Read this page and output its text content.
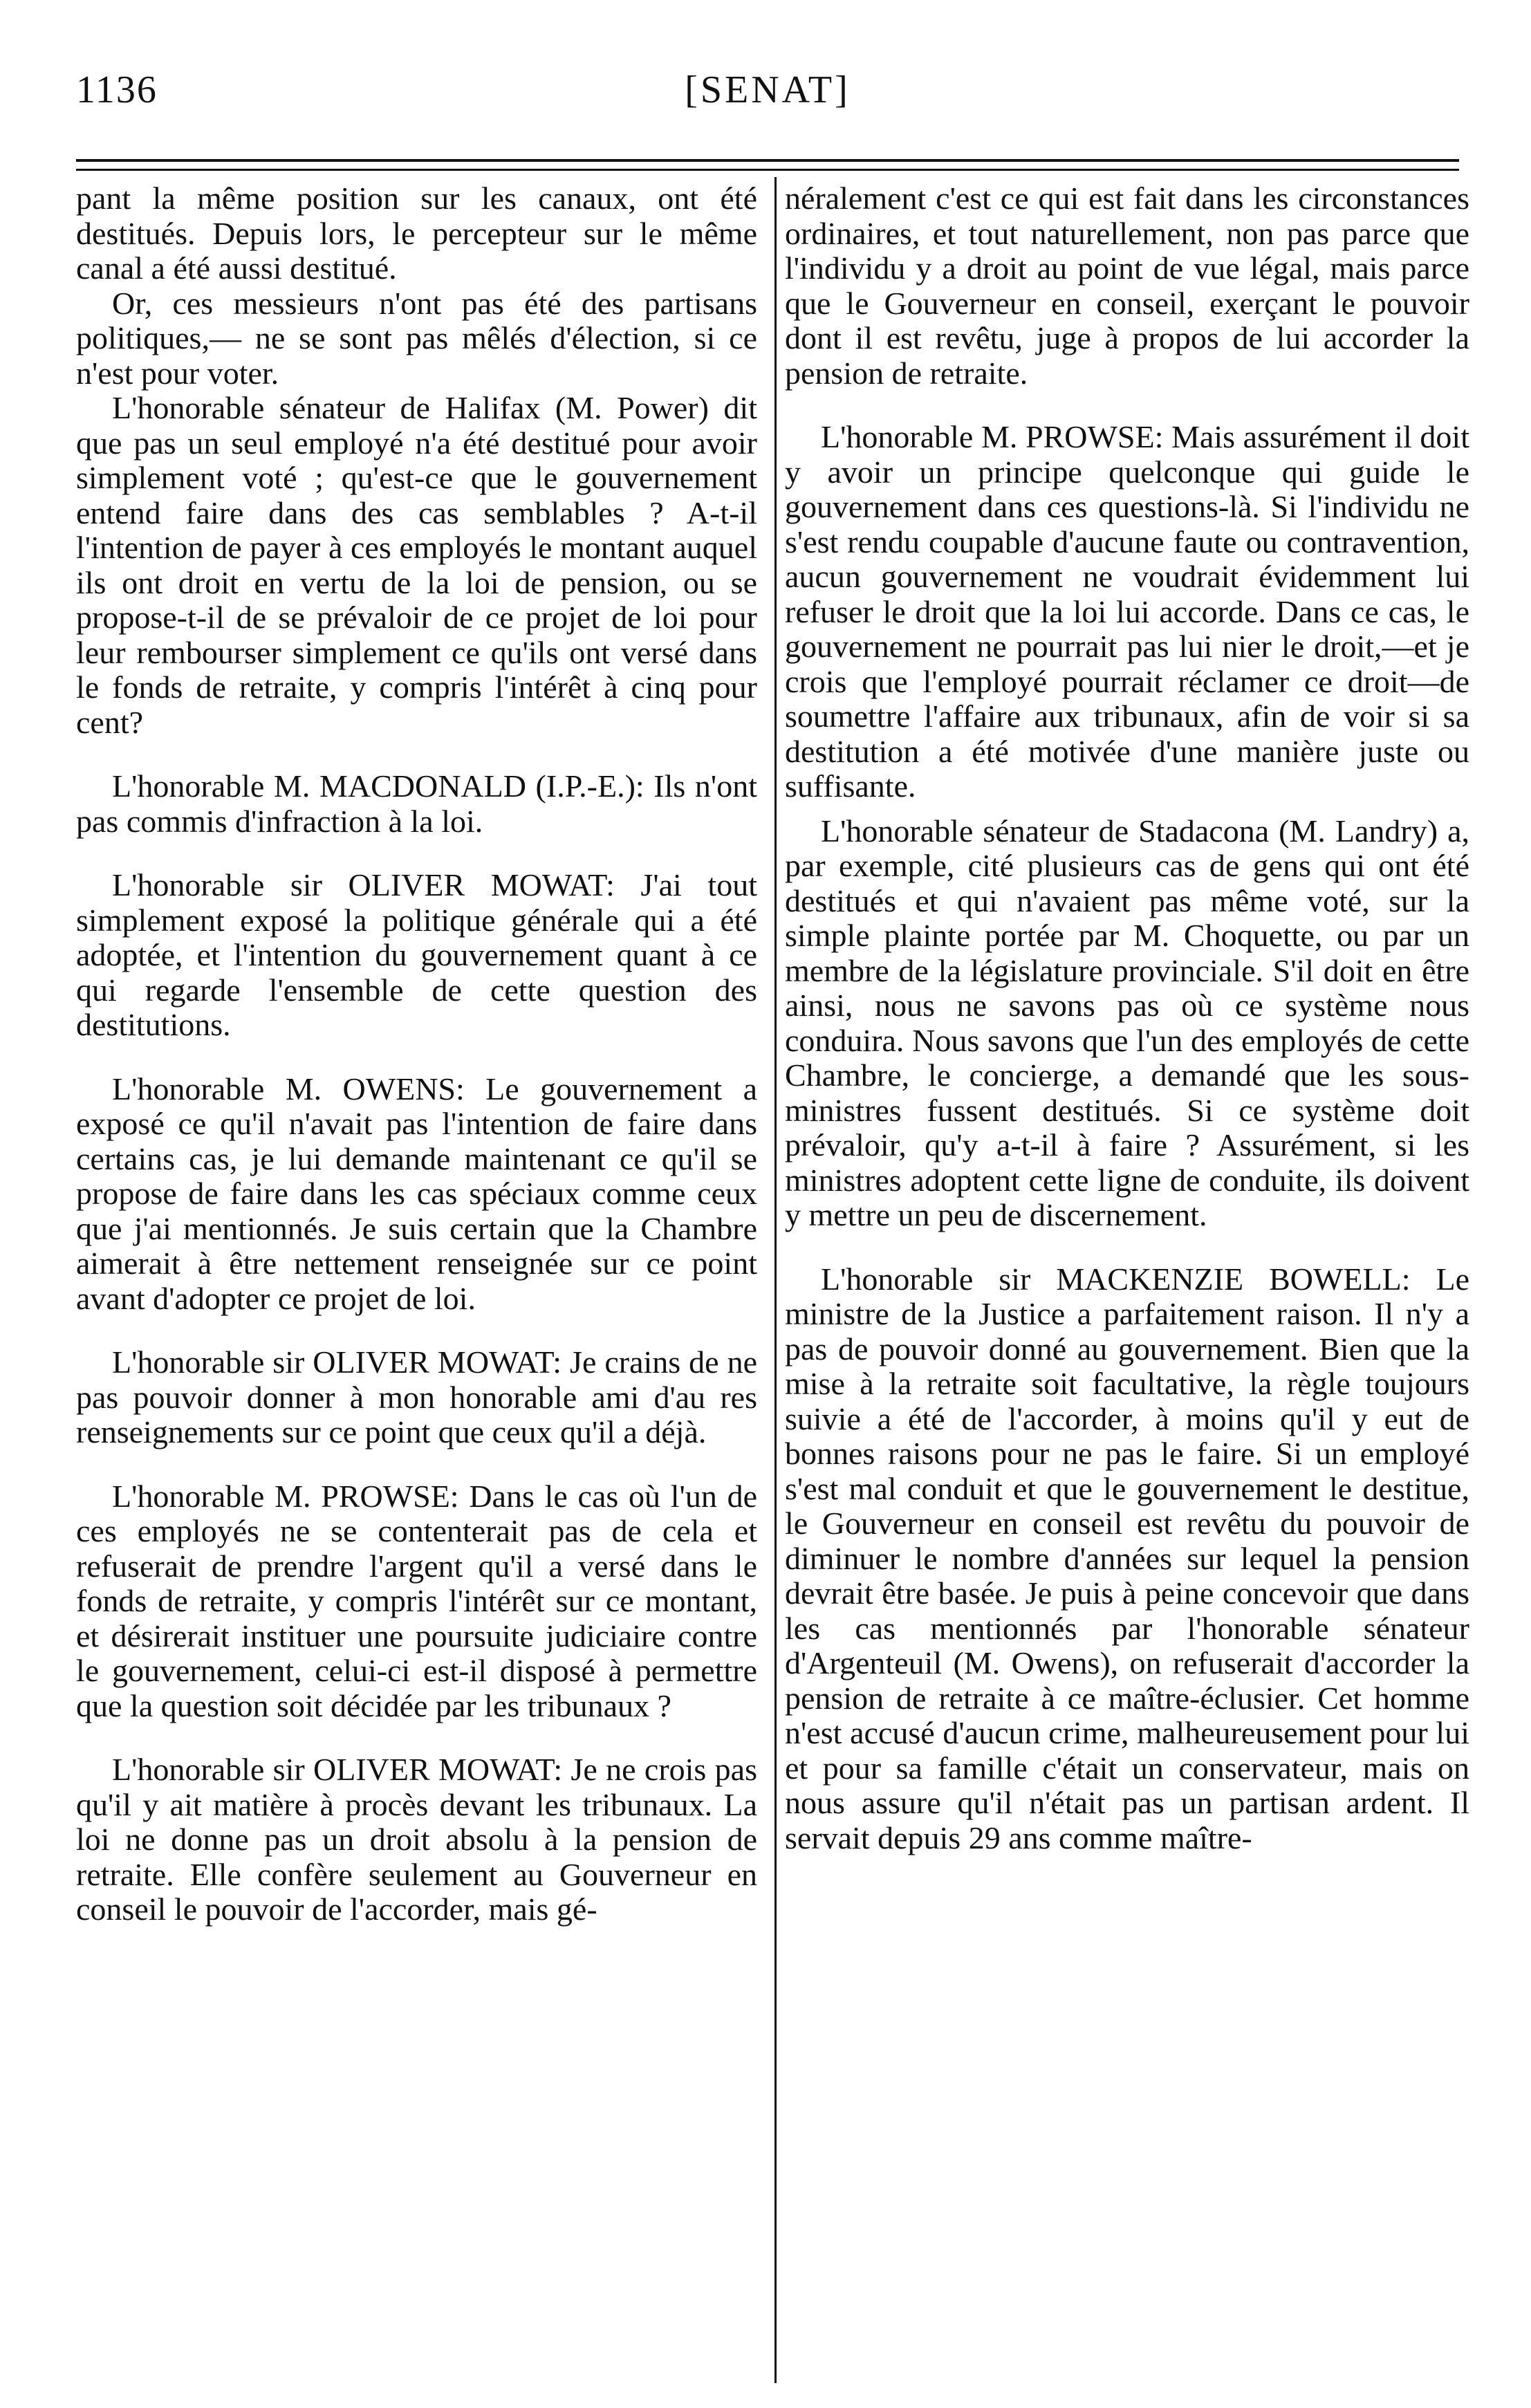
1136	[SENAT]

pant la même position sur les canaux, ont été destitués. Depuis lors, le percepteur sur le même canal a été aussi destitué.

Or, ces messieurs n'ont pas été des partisans politiques,— ne se sont pas mêlés d'élection, si ce n'est pour voter.

L'honorable sénateur de Halifax (M. Power) dit que pas un seul employé n'a été destitué pour avoir simplement voté ; qu'est-ce que le gouvernement entend faire dans des cas semblables ? A-t-il l'intention de payer à ces employés le montant auquel ils ont droit en vertu de la loi de pension, ou se propose-t-il de se prévaloir de ce projet de loi pour leur rembourser simplement ce qu'ils ont versé dans le fonds de retraite, y compris l'intérêt à cinq pour cent?

L'honorable M. MACDONALD (I.P.-E.): Ils n'ont pas commis d'infraction à la loi.

L'honorable sir OLIVER MOWAT: J'ai tout simplement exposé la politique générale qui a été adoptée, et l'intention du gouvernement quant à ce qui regarde l'ensemble de cette question des destitutions.

L'honorable M. OWENS: Le gouvernement a exposé ce qu'il n'avait pas l'intention de faire dans certains cas, je lui demande maintenant ce qu'il se propose de faire dans les cas spéciaux comme ceux que j'ai mentionnés. Je suis certain que la Chambre aimerait à être nettement renseignée sur ce point avant d'adopter ce projet de loi.

L'honorable sir OLIVER MOWAT: Je crains de ne pas pouvoir donner à mon honorable ami d'au res renseignements sur ce point que ceux qu'il a déjà.

L'honorable M. PROWSE: Dans le cas où l'un de ces employés ne se contenterait pas de cela et refuserait de prendre l'argent qu'il a versé dans le fonds de retraite, y compris l'intérêt sur ce montant, et désirerait instituer une poursuite judiciaire contre le gouvernement, celui-ci est-il disposé à permettre que la question soit décidée par les tribunaux ?

L'honorable sir OLIVER MOWAT: Je ne crois pas qu'il y ait matière à procès devant les tribunaux. La loi ne donne pas un droit absolu à la pension de retraite. Elle confère seulement au Gouverneur en conseil le pouvoir de l'accorder, mais gé-

néralement c'est ce qui est fait dans les circonstances ordinaires, et tout naturellement, non pas parce que l'individu y a droit au point de vue légal, mais parce que le Gouverneur en conseil, exerçant le pouvoir dont il est revêtu, juge à propos de lui accorder la pension de retraite.

L'honorable M. PROWSE: Mais assurément il doit y avoir un principe quelconque qui guide le gouvernement dans ces questions-là. Si l'individu ne s'est rendu coupable d'aucune faute ou contravention, aucun gouvernement ne voudrait évidemment lui refuser le droit que la loi lui accorde. Dans ce cas, le gouvernement ne pourrait pas lui nier le droit,—et je crois que l'employé pourrait réclamer ce droit—de soumettre l'affaire aux tribunaux, afin de voir si sa destitution a été motivée d'une manière juste ou suffisante.

L'honorable sénateur de Stadacona (M. Landry) a, par exemple, cité plusieurs cas de gens qui ont été destitués et qui n'avaient pas même voté, sur la simple plainte portée par M. Choquette, ou par un membre de la législature provinciale. S'il doit en être ainsi, nous ne savons pas où ce système nous conduira. Nous savons que l'un des employés de cette Chambre, le concierge, a demandé que les sous-ministres fussent destitués. Si ce système doit prévaloir, qu'y a-t-il à faire ? Assurément, si les ministres adoptent cette ligne de conduite, ils doivent y mettre un peu de discernement.

L'honorable sir MACKENZIE BOWELL: Le ministre de la Justice a parfaitement raison. Il n'y a pas de pouvoir donné au gouvernement. Bien que la mise à la retraite soit facultative, la règle toujours suivie a été de l'accorder, à moins qu'il y eut de bonnes raisons pour ne pas le faire. Si un employé s'est mal conduit et que le gouvernement le destitue, le Gouverneur en conseil est revêtu du pouvoir de diminuer le nombre d'années sur lequel la pension devrait être basée. Je puis à peine concevoir que dans les cas mentionnés par l'honorable sénateur d'Argenteuil (M. Owens), on refuserait d'accorder la pension de retraite à ce maître-éclusier. Cet homme n'est accusé d'aucun crime, malheureusement pour lui et pour sa famille c'était un conservateur, mais on nous assure qu'il n'était pas un partisan ardent. Il servait depuis 29 ans comme maître-
